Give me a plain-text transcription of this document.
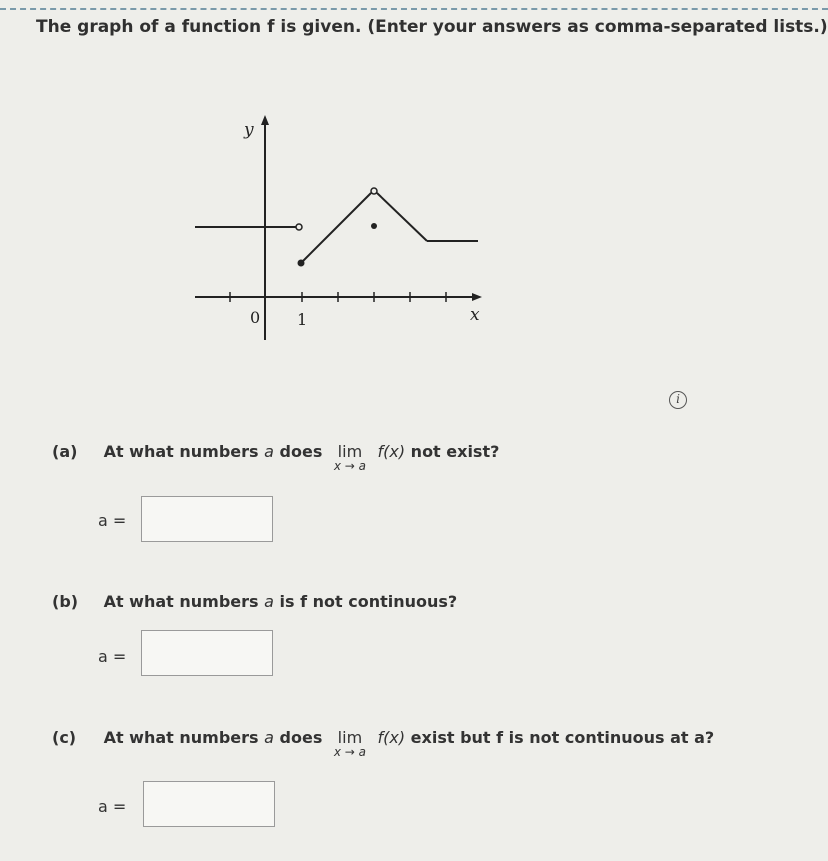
The graph of a function f is given. (Enter your answers as comma-separated lists.)
y
x
0 1
i
(a) At what numbers a does lim
x → a
f(x) not exist?
a =
(b) At what numbers a is f not continuous?
a =
(c) At what numbers a does lim
x → a
f(x) exist but f is not continuous at a?
a =
